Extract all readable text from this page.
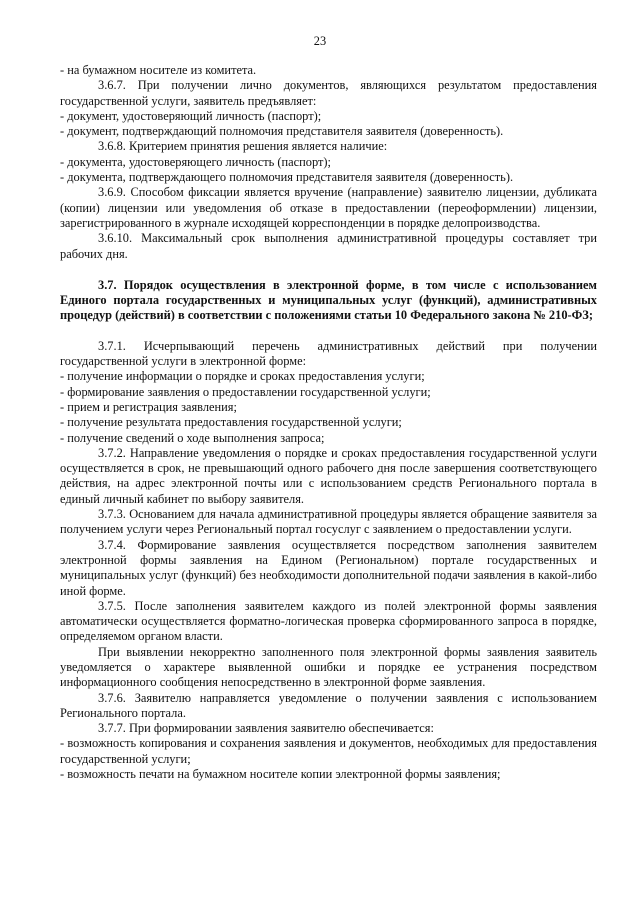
23

- на бумажном носителе из комитета.

3.6.7. При получении лично документов, являющихся результатом предоставления государственной услуги, заявитель предъявляет:

- документ, удостоверяющий личность (паспорт);

- документ, подтверждающий полномочия представителя заявителя (доверенность).

3.6.8. Критерием принятия решения является наличие:

- документа, удостоверяющего личность (паспорт);

- документа, подтверждающего полномочия представителя заявителя (доверенность).

3.6.9. Способом фиксации является вручение (направление) заявителю лицензии, дубликата (копии) лицензии или уведомления об отказе в предоставлении (переоформлении) лицензии, зарегистрированного в журнале исходящей корреспонденции в порядке делопроизводства.

3.6.10. Максимальный срок выполнения административной процедуры составляет три рабочих дня.

3.7. Порядок осуществления в электронной форме, в том числе с использованием Единого портала государственных и муниципальных услуг (функций), административных процедур (действий) в соответствии с положениями статьи 10 Федерального закона № 210-ФЗ;

3.7.1. Исчерпывающий перечень административных действий при получении государственной услуги в электронной форме:

- получение информации о порядке и сроках предоставления услуги;

- формирование заявления о предоставлении государственной услуги;

- прием и регистрация заявления;

- получение результата предоставления государственной услуги;

- получение сведений о ходе выполнения запроса;

3.7.2. Направление уведомления о порядке и сроках предоставления государственной услуги осуществляется в срок, не превышающий одного рабочего дня после завершения соответствующего действия, на адрес электронной почты или с использованием средств Регионального портала в единый личный кабинет по выбору заявителя.

3.7.3. Основанием для начала административной процедуры является обращение заявителя за получением услуги через Региональный портал госуслуг с заявлением о предоставлении услуги.

3.7.4. Формирование заявления осуществляется посредством заполнения заявителем электронной формы заявления на Едином (Региональном) портале государственных и муниципальных услуг (функций) без необходимости дополнительной подачи заявления в какой-либо иной форме.

3.7.5. После заполнения заявителем каждого из полей электронной формы заявления автоматически осуществляется форматно-логическая проверка сформированного запроса в порядке, определяемом органом власти.

При выявлении некорректно заполненного поля электронной формы заявления заявитель уведомляется о характере выявленной ошибки и порядке ее устранения посредством информационного сообщения непосредственно в электронной форме заявления.

3.7.6. Заявителю направляется уведомление о получении заявления с использованием Регионального портала.

3.7.7. При формировании заявления заявителю обеспечивается:

- возможность копирования и сохранения заявления и документов, необходимых для предоставления государственной услуги;

- возможность печати на бумажном носителе копии электронной формы заявления;
